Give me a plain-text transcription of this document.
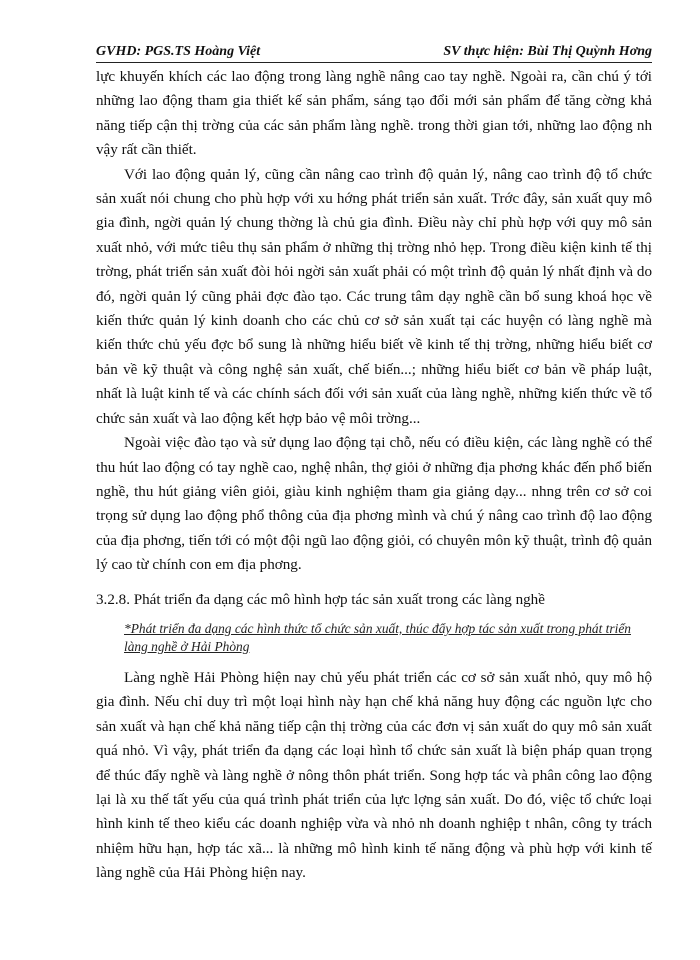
GVHD: PGS.TS Hoàng Việt	SV thực hiện: Bùi Thị Quỳnh Hơng

lực khuyến khích các lao động trong làng nghề nâng cao tay nghề. Ngoài ra, cần chú ý tới những lao động tham gia thiết kế sản phẩm, sáng tạo đổi mới sản phẩm để tăng cờng khả năng tiếp cận thị trờng của các sản phẩm làng nghề. trong thời gian tới, những lao động nh vậy rất cần thiết.

Với lao động quản lý, cũng cần nâng cao trình độ quản lý, nâng cao trình độ tổ chức sản xuất nói chung cho phù hợp với xu hớng phát triển sản xuất. Trớc đây, sản xuất quy mô gia đình, ngời quản lý chung thờng là chủ gia đình. Điều này chỉ phù hợp với quy mô sản xuất nhỏ, với mức tiêu thụ sản phẩm ở những thị trờng nhỏ hẹp. Trong điều kiện kinh tế thị trờng, phát triển sản xuất đòi hỏi ngời sản xuất phải có một trình độ quản lý nhất định và do đó, ngời quản lý cũng phải đợc đào tạo. Các trung tâm dạy nghề cần bổ sung khoá học về kiến thức quản lý kinh doanh cho các chủ cơ sở sản xuất tại các huyện có làng nghề mà kiến thức chủ yếu đợc bổ sung là những hiểu biết về kinh tế thị trờng, những hiểu biết cơ bản về kỹ thuật và công nghệ sản xuất, chế biến...; những hiểu biết cơ bản về pháp luật, nhất là luật kinh tế và các chính sách đối với sản xuất của làng nghề, những kiến thức về tổ chức sản xuất và lao động kết hợp bảo vệ môi trờng...

Ngoài việc đào tạo và sử dụng lao động tại chỗ, nếu có điều kiện, các làng nghề có thể thu hút lao động có tay nghề cao, nghệ nhân, thợ giỏi ở những địa phơng khác đến phổ biến nghề, thu hút giảng viên giỏi, giàu kinh nghiệm tham gia giảng dạy... nhng trên cơ sở coi trọng sử dụng lao động phổ thông của địa phơng mình và chú ý nâng cao trình độ lao động của địa phơng, tiến tới có một đội ngũ lao động giỏi, có chuyên môn kỹ thuật, trình độ quản lý cao từ chính con em địa phơng.

3.2.8. Phát triển đa dạng các mô hình hợp tác sản xuất trong các làng nghề
*Phát triển đa dạng các hình thức tổ chức sản xuất, thúc đẩy hợp tác sản xuất trong phát triển làng nghề ở Hải Phòng

Làng nghề Hải Phòng hiện nay chủ yếu phát triển các cơ sở sản xuất nhỏ, quy mô hộ gia đình. Nếu chỉ duy trì một loại hình này hạn chế khả năng huy động các nguồn lực cho sản xuất và hạn chế khả năng tiếp cận thị trờng của các đơn vị sản xuất do quy mô sản xuất quá nhỏ. Vì vậy, phát triển đa dạng các loại hình tổ chức sản xuất là biện pháp quan trọng để thúc đẩy nghề và làng nghề ở nông thôn phát triển. Song hợp tác và phân công lao động lại là xu thế tất yếu của quá trình phát triển của lực lợng sản xuất. Do đó, việc tổ chức loại hình kinh tế theo kiểu các doanh nghiệp vừa và nhỏ nh doanh nghiệp t nhân, công ty trách nhiệm hữu hạn, hợp tác xã... là những mô hình kinh tế năng động và phù hợp với kinh tế làng nghề của Hải Phòng hiện nay.
